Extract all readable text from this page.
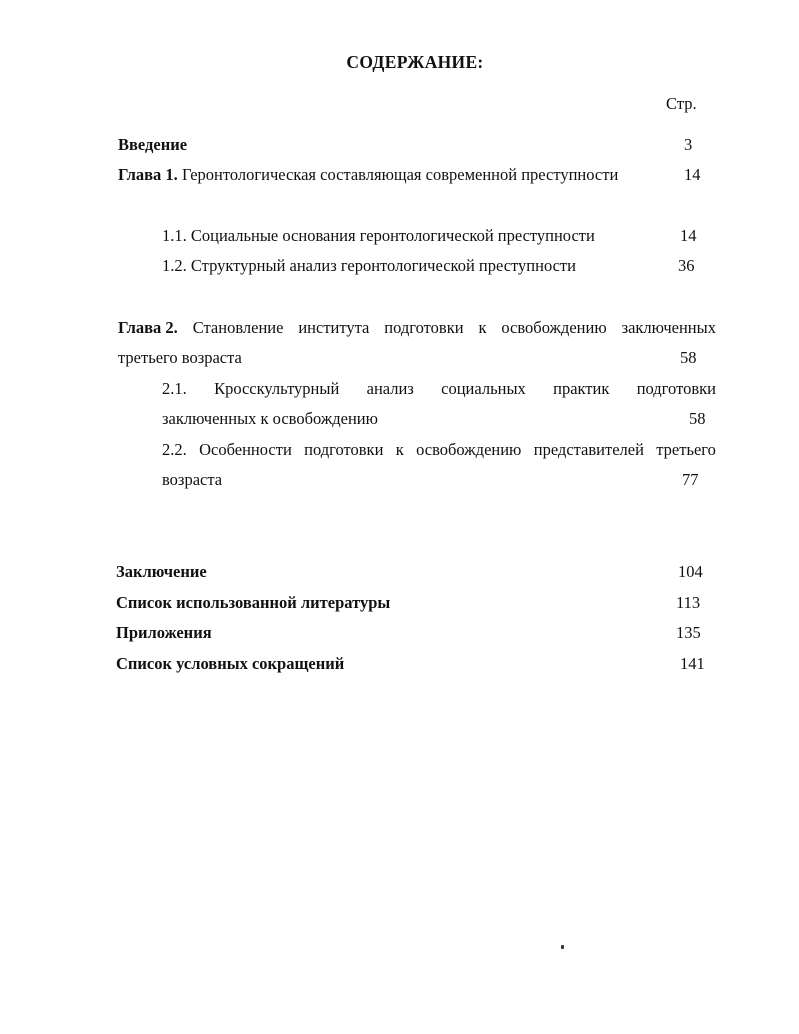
СОДЕРЖАНИЕ:
Стр.
Введение	3
Глава 1. Геронтологическая составляющая современной преступности	14
1.1. Социальные основания геронтологической преступности	14
1.2. Структурный анализ геронтологической преступности	36
Глава 2. Становление института подготовки к освобождению заключенных
третьего возраста	58
2.1. Кросскультурный анализ социальных практик подготовки
заключенных к освобождению	58
2.2. Особенности подготовки к освобождению представителей третьего
возраста	77
Заключение	104
Список использованной литературы	113
Приложения	135
Список условных сокращений	141
